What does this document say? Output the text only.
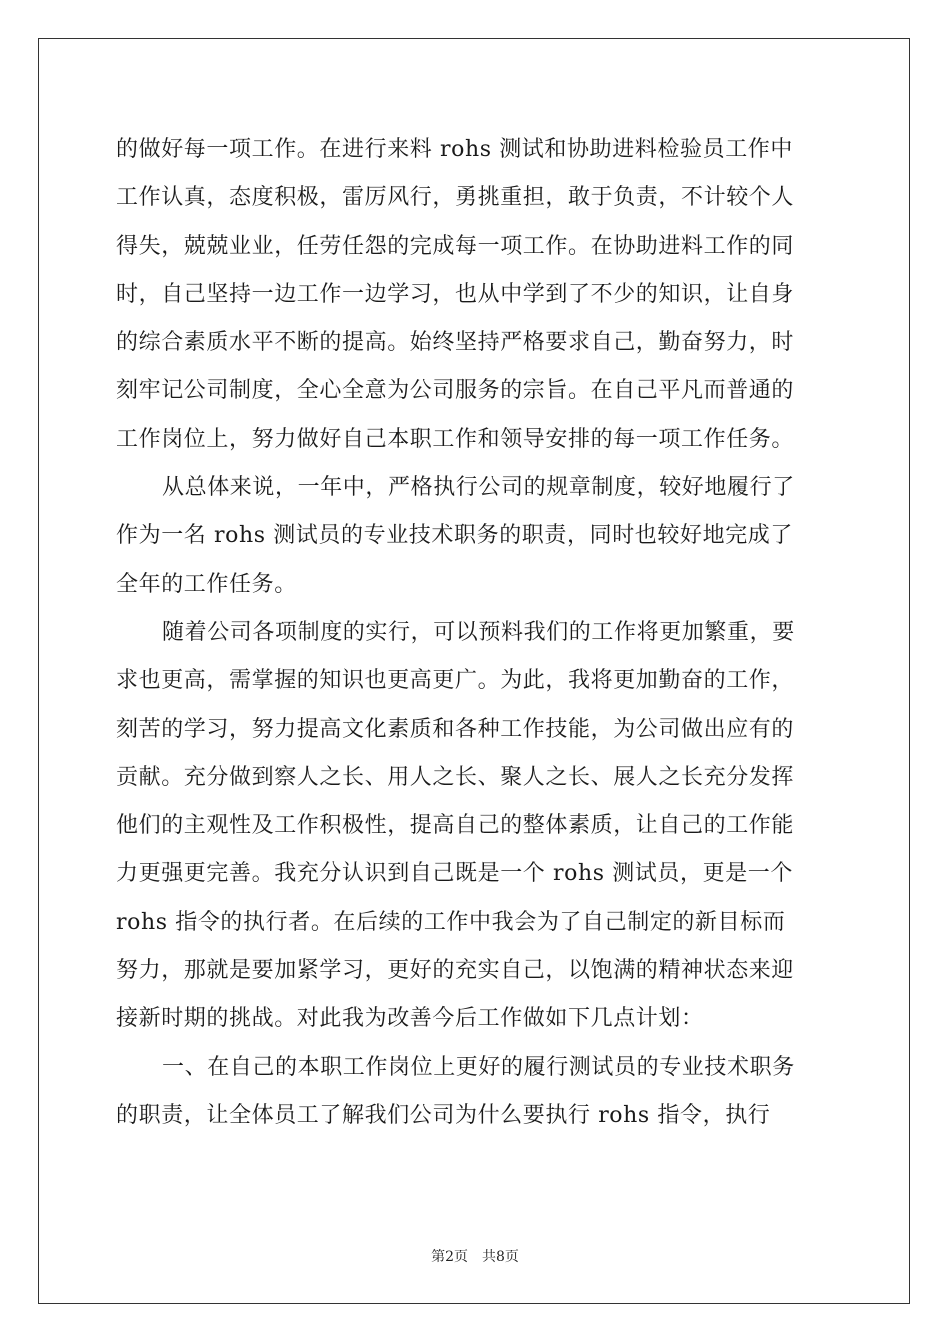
的做好每一项工作。在进行来料 rohs 测试和协助进料检验员工作中
工作认真，态度积极，雷厉风行，勇挑重担，敢于负责，不计较个人
得失，兢兢业业，任劳任怨的完成每一项工作。在协助进料工作的同
时，自己坚持一边工作一边学习，也从中学到了不少的知识，让自身
的综合素质水平不断的提高。始终坚持严格要求自己，勤奋努力，时
刻牢记公司制度，全心全意为公司服务的宗旨。在自己平凡而普通的
工作岗位上，努力做好自己本职工作和领导安排的每一项工作任务。
从总体来说，一年中，严格执行公司的规章制度，较好地履行了
作为一名 rohs 测试员的专业技术职务的职责，同时也较好地完成了
全年的工作任务。
随着公司各项制度的实行，可以预料我们的工作将更加繁重，要
求也更高，需掌握的知识也更高更广。为此，我将更加勤奋的工作，
刻苦的学习，努力提高文化素质和各种工作技能，为公司做出应有的
贡献。充分做到察人之长、用人之长、聚人之长、展人之长充分发挥
他们的主观性及工作积极性，提高自己的整体素质，让自己的工作能
力更强更完善。我充分认识到自己既是一个 rohs 测试员，更是一个
rohs 指令的执行者。在后续的工作中我会为了自己制定的新目标而
努力，那就是要加紧学习，更好的充实自己，以饱满的精神状态来迎
接新时期的挑战。对此我为改善今后工作做如下几点计划：
一、在自己的本职工作岗位上更好的履行测试员的专业技术职务
的职责，让全体员工了解我们公司为什么要执行 rohs 指令，执行
第2页　共8页
